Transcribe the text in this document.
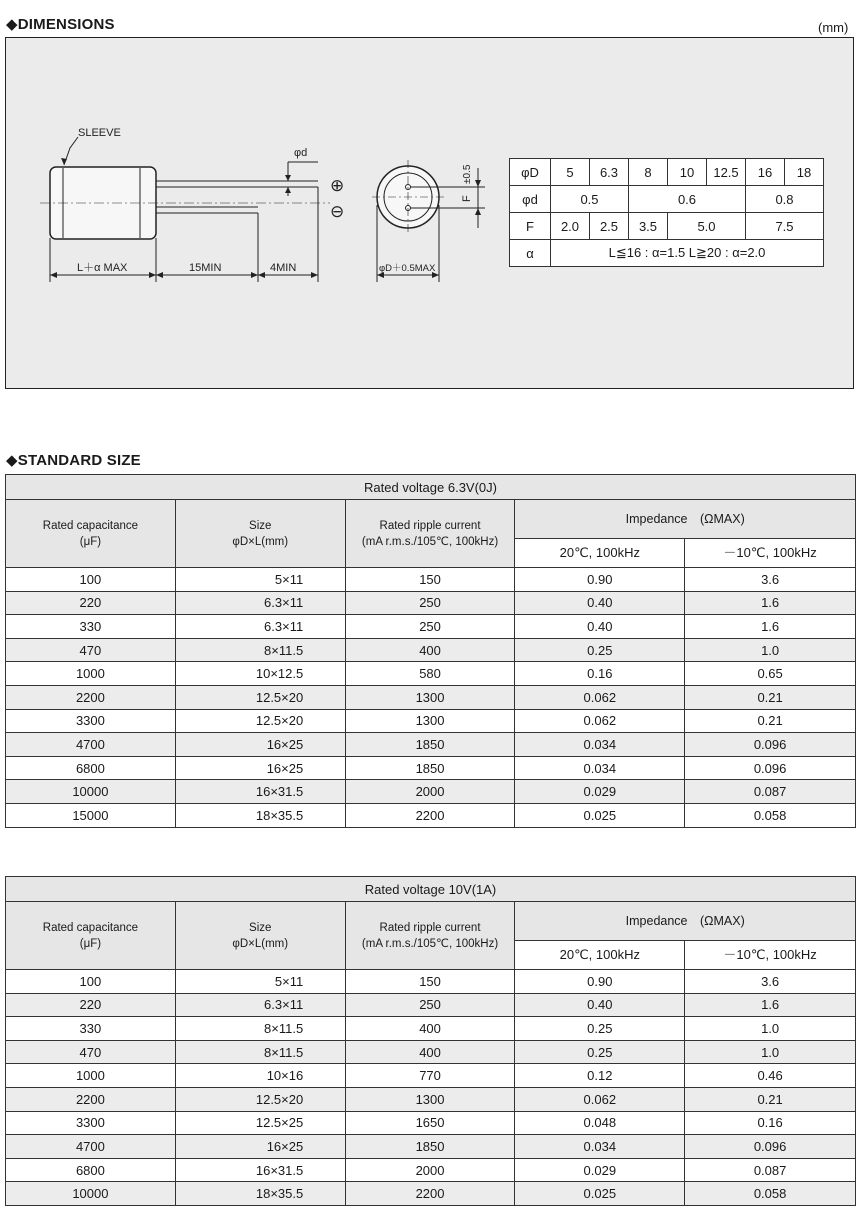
◆DIMENSIONS	(mm)
SLEEVE
φd
⊕
⊖
L＋α MAX	15MIN	4MIN	φD＋0.5MAX
±0.5
F
φD	5	6.3	8	10	12.5	16	18
φd	0.5		0.6			0.8	
F	2.0	2.5	3.5	5.0		7.5	
α	L≦16 : α=1.5 L≧20 : α=2.0						
◆STANDARD SIZE
Rated voltage 6.3V(0J)				
Rated capacitance
(μF)	Size
φD×L(mm)	Rated ripple current
(mA r.m.s./105℃, 100kHz)	Impedance　(ΩMAX)	
			20℃, 100kHz	－10℃, 100kHz
100	5×11	150	0.90	3.6
220	6.3×11	250	0.40	1.6
330	6.3×11	250	0.40	1.6
470	8×11.5	400	0.25	1.0
1000	10×12.5	580	0.16	0.65
2200	12.5×20	1300	0.062	0.21
3300	12.5×20	1300	0.062	0.21
4700	16×25	1850	0.034	0.096
6800	16×25	1850	0.034	0.096
10000	16×31.5	2000	0.029	0.087
15000	18×35.5	2200	0.025	0.058
Rated voltage 10V(1A)				
Rated capacitance
(μF)	Size
φD×L(mm)	Rated ripple current
(mA r.m.s./105℃, 100kHz)	Impedance　(ΩMAX)	
			20℃, 100kHz	－10℃, 100kHz
100	5×11	150	0.90	3.6
220	6.3×11	250	0.40	1.6
330	8×11.5	400	0.25	1.0
470	8×11.5	400	0.25	1.0
1000	10×16	770	0.12	0.46
2200	12.5×20	1300	0.062	0.21
3300	12.5×25	1650	0.048	0.16
4700	16×25	1850	0.034	0.096
6800	16×31.5	2000	0.029	0.087
10000	18×35.5	2200	0.025	0.058
